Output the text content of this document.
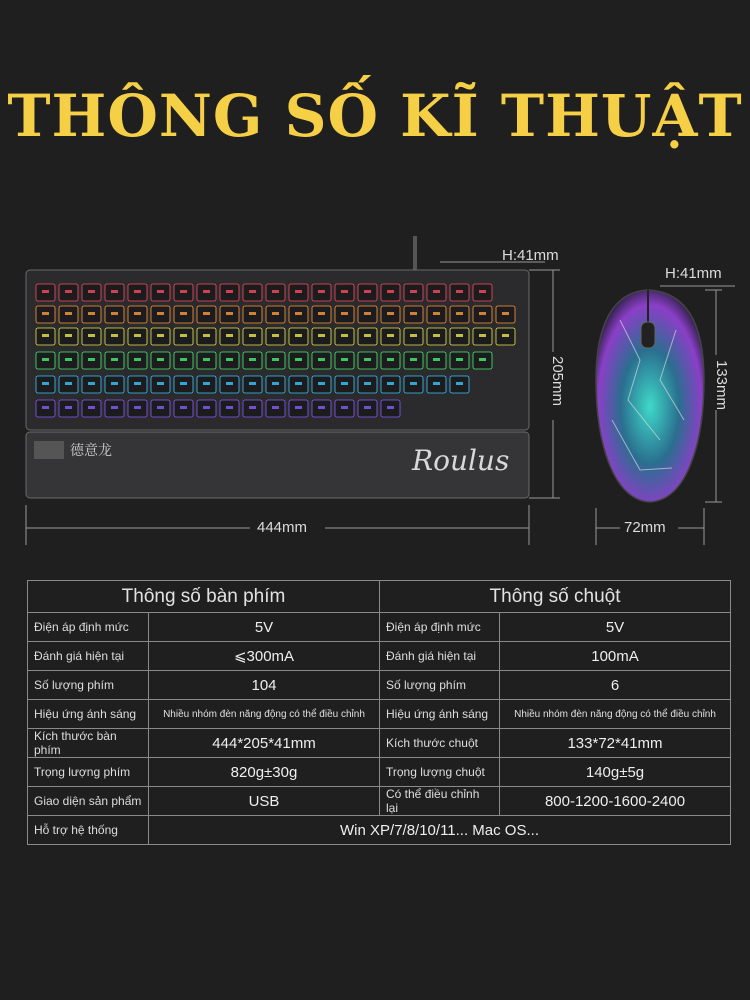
THÔNG SỐ KĨ THUẬT
德意龙	Roulus
H:41mm
205mm
444mm
H:41mm
133mm
72mm
Thông số bàn phím		Thông số chuột	
Điện áp định mức	5V	Điện áp định mức	5V
Đánh giá hiện tại	⩽300mA	Đánh giá hiện tại	100mA
Số lượng phím	104	Số lượng phím	6
Hiệu ứng ánh sáng	Nhiều nhóm đèn năng động có thể điều chỉnh	Hiệu ứng ánh sáng	Nhiều nhóm đèn năng động có thể điều chỉnh
Kích thước bàn phím	444*205*41mm	Kích thước chuột	133*72*41mm
Trọng lượng phím	820g±30g	Trọng lượng chuột	140g±5g
Giao diện sản phẩm	USB	Có thể điều chỉnh lại	800-1200-1600-2400
Hỗ trợ hệ thống	Win XP/7/8/10/11... Mac OS...		
